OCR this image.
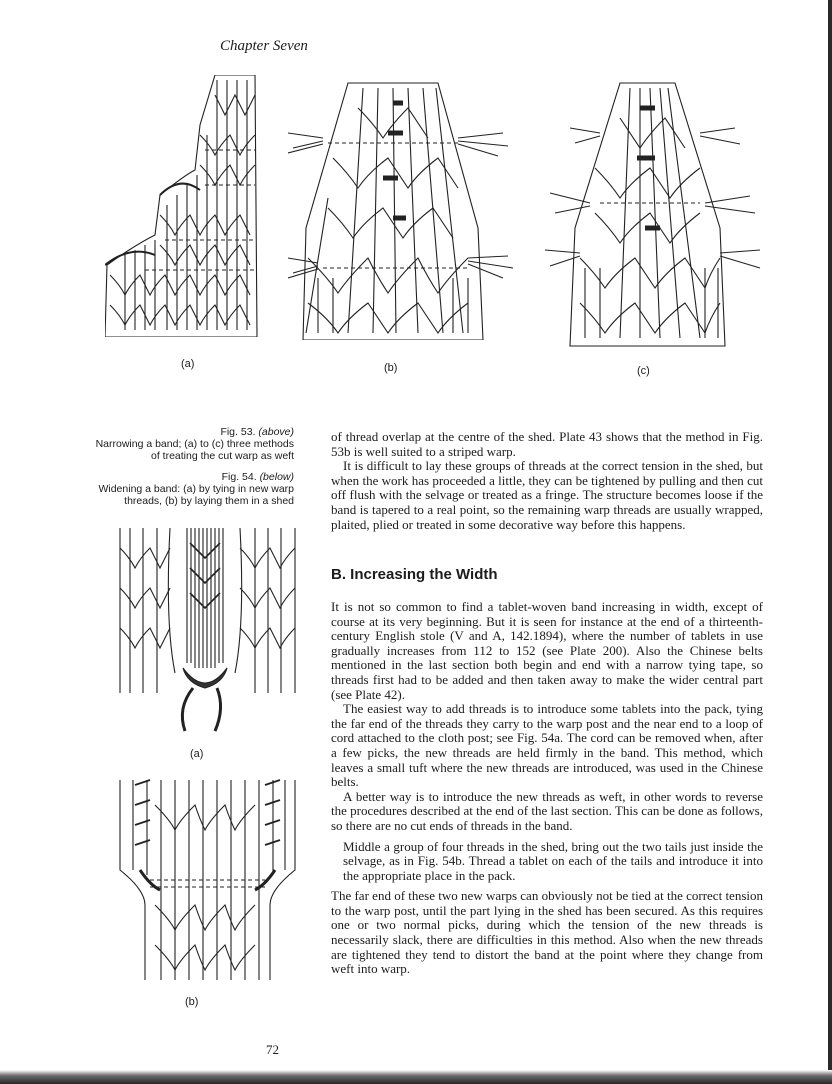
Chapter Seven
(a)	(b)	(c)
Fig. 53. (above)
Narrowing a band; (a) to (c) three methods of treating the cut warp as weft
Fig. 54. (below)
Widening a band: (a) by tying in new warp threads, (b) by laying them in a shed
(a)
(b)

of thread overlap at the centre of the shed. Plate 43 shows that the method in Fig. 53b is well suited to a striped warp.

It is difficult to lay these groups of threads at the correct tension in the shed, but when the work has proceeded a little, they can be tightened by pulling and then cut off flush with the selvage or treated as a fringe. The structure becomes loose if the band is tapered to a real point, so the remaining warp threads are usually wrapped, plaited, plied or treated in some decorative way before this happens.

B. Increasing the Width

It is not so common to find a tablet-woven band increasing in width, except of course at its very beginning. But it is seen for instance at the end of a thirteenth-century English stole (V and A, 142.1894), where the number of tablets in use gradually increases from 112 to 152 (see Plate 200). Also the Chinese belts mentioned in the last section both begin and end with a narrow tying tape, so threads first had to be added and then taken away to make the wider central part (see Plate 42).

The easiest way to add threads is to introduce some tablets into the pack, tying the far end of the threads they carry to the warp post and the near end to a loop of cord attached to the cloth post; see Fig. 54a. The cord can be removed when, after a few picks, the new threads are held firmly in the band. This method, which leaves a small tuft where the new threads are introduced, was used in the Chinese belts.

A better way is to introduce the new threads as weft, in other words to reverse the procedures described at the end of the last section. This can be done as follows, so there are no cut ends of threads in the band.

Middle a group of four threads in the shed, bring out the two tails just inside the selvage, as in Fig. 54b. Thread a tablet on each of the tails and introduce it into the appropriate place in the pack.

The far end of these two new warps can obviously not be tied at the correct tension to the warp post, until the part lying in the shed has been secured. As this requires one or two normal picks, during which the tension of the new threads is necessarily slack, there are difficulties in this method. Also when the new threads are tightened they tend to distort the band at the point where they change from weft into warp.

72
